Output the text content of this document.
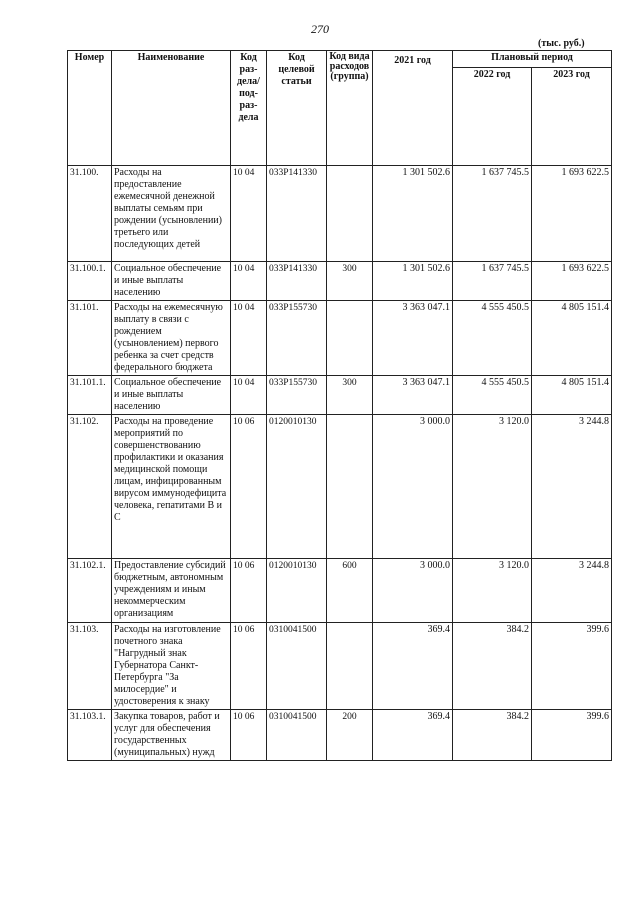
270
(тыс. руб.)
Номер	Наименование	Код раз-дела/ под-раз-дела	Код целевой статьи	Код вида расходов (группа)	2021 год	Плановый период	
						2022 год	2023 год
31.100.	Расходы на предоставление ежемесячной денежной выплаты семьям при рождении (усыновлении) третьего или последующих детей	10 04	033Р141330		1 301 502.6	1 637 745.5	1 693 622.5
31.100.1.	Социальное обеспечение и иные выплаты населению	10 04	033Р141330	300	1 301 502.6	1 637 745.5	1 693 622.5
31.101.	Расходы на ежемесячную выплату в связи с рождением (усыновлением) первого ребенка за счет средств федерального бюджета	10 04	033Р155730		3 363 047.1	4 555 450.5	4 805 151.4
31.101.1.	Социальное обеспечение и иные выплаты населению	10 04	033Р155730	300	3 363 047.1	4 555 450.5	4 805 151.4
31.102.	Расходы на проведение мероприятий по совершенствованию профилактики и оказания медицинской помощи лицам, инфицированным вирусом иммунодефицита человека, гепатитами В и С	10 06	0120010130		3 000.0	3 120.0	3 244.8
31.102.1.	Предоставление субсидий бюджетным, автономным учреждениям и иным некоммерческим организациям	10 06	0120010130	600	3 000.0	3 120.0	3 244.8
31.103.	Расходы на изготовление почетного знака "Нагрудный знак Губернатора Санкт-Петербурга "За милосердие" и удостоверения к знаку	10 06	0310041500		369.4	384.2	399.6
31.103.1.	Закупка товаров, работ и услуг для обеспечения государственных (муниципальных) нужд	10 06	0310041500	200	369.4	384.2	399.6
